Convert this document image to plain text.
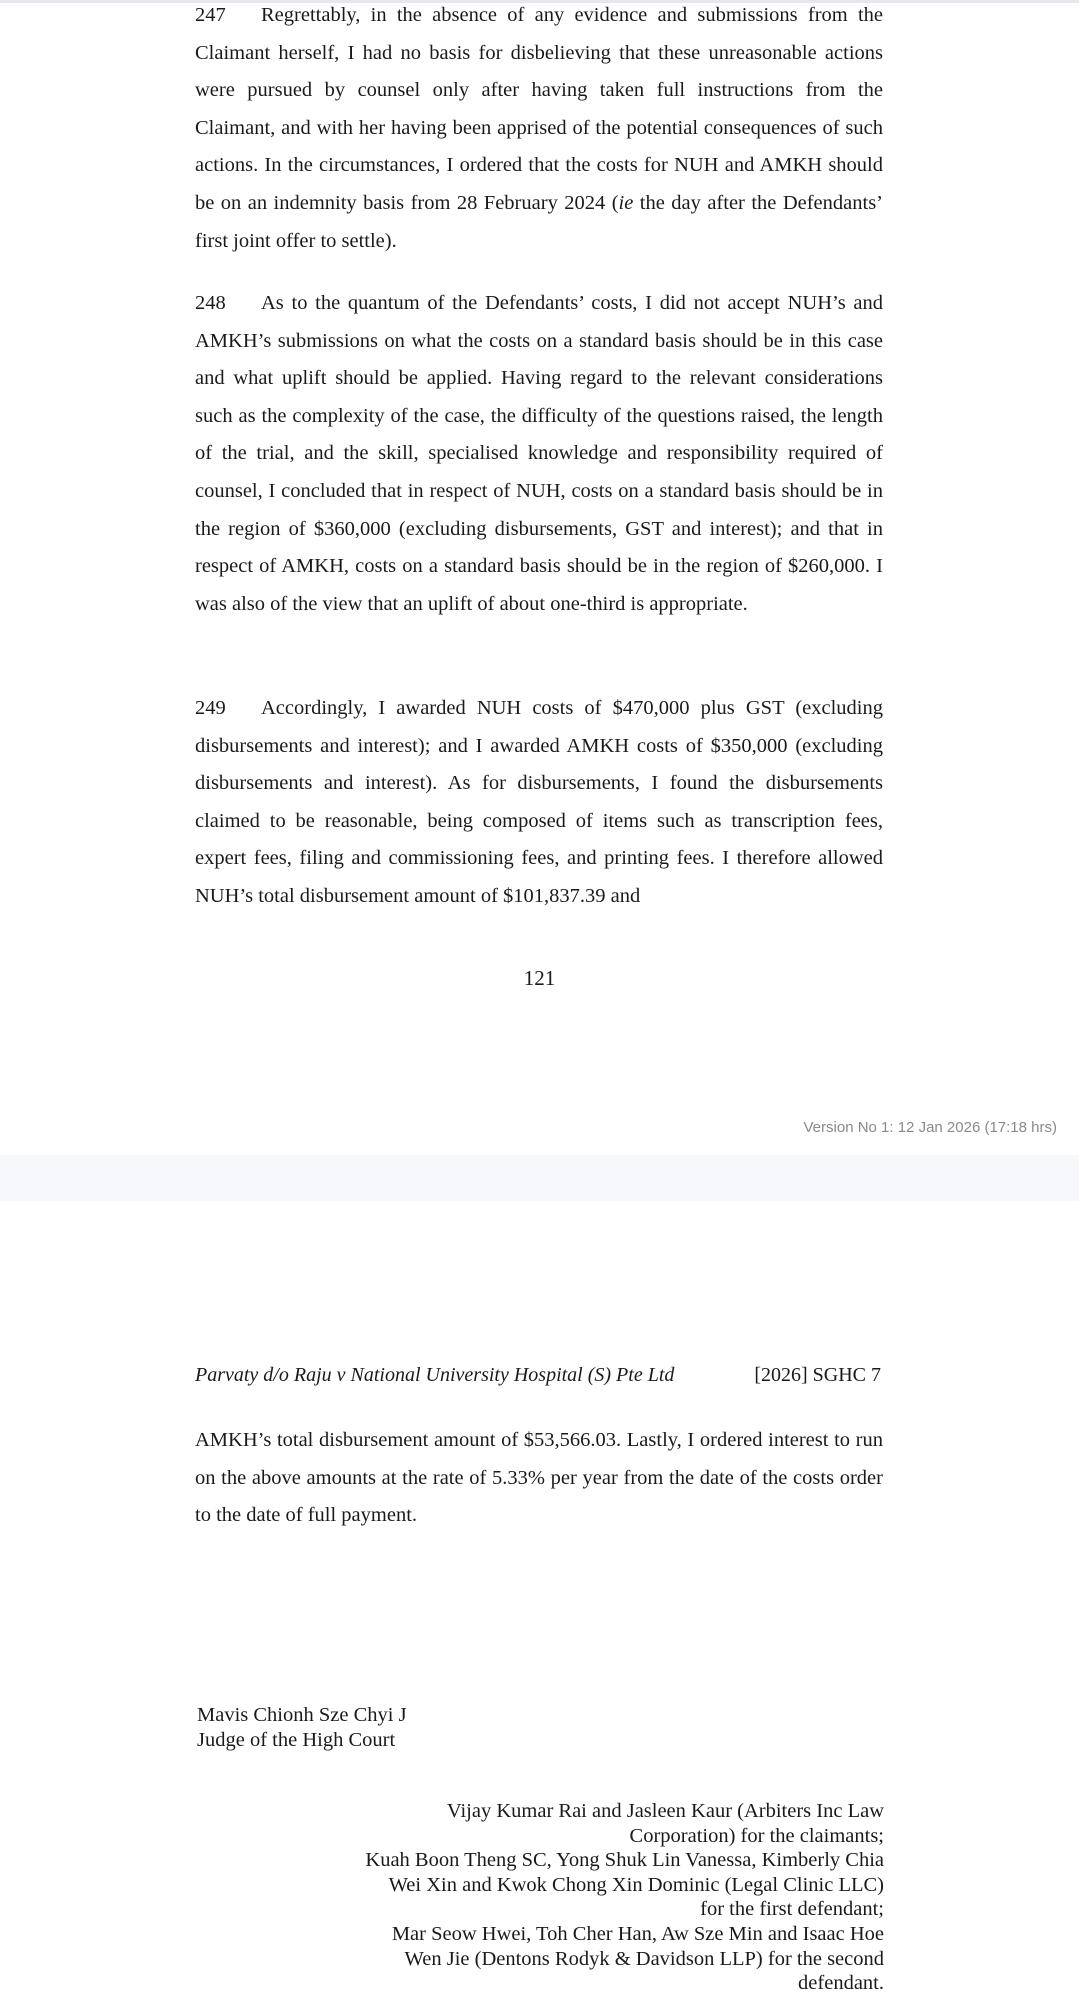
247 Regrettably, in the absence of any evidence and submissions from the Claimant herself, I had no basis for disbelieving that these unreasonable actions were pursued by counsel only after having taken full instructions from the Claimant, and with her having been apprised of the potential consequences of such actions. In the circumstances, I ordered that the costs for NUH and AMKH should be on an indemnity basis from 28 February 2024 (ie the day after the Defendants’ first joint offer to settle).

248 As to the quantum of the Defendants’ costs, I did not accept NUH’s and AMKH’s submissions on what the costs on a standard basis should be in this case and what uplift should be applied. Having regard to the relevant considerations such as the complexity of the case, the difficulty of the questions raised, the length of the trial, and the skill, specialised knowledge and responsibility required of counsel, I concluded that in respect of NUH, costs on a standard basis should be in the region of $360,000 (excluding disbursements, GST and interest); and that in respect of AMKH, costs on a standard basis should be in the region of $260,000. I was also of the view that an uplift of about one-third is appropriate.

249 Accordingly, I awarded NUH costs of $470,000 plus GST (excluding disbursements and interest); and I awarded AMKH costs of $350,000 (excluding disbursements and interest). As for disbursements, I found the disbursements claimed to be reasonable, being composed of items such as transcription fees, expert fees, filing and commissioning fees, and printing fees. I therefore allowed NUH’s total disbursement amount of $101,837.39 and

121
Version No 1: 12 Jan 2026 (17:18 hrs)
Parvaty d/o Raju v National University Hospital (S) Pte Ltd	[2026] SGHC 7

AMKH’s total disbursement amount of $53,566.03. Lastly, I ordered interest to run on the above amounts at the rate of 5.33% per year from the date of the costs order to the date of full payment.

Mavis Chionh Sze Chyi J
Judge of the High Court
Vijay Kumar Rai and Jasleen Kaur (Arbiters Inc Law
Corporation) for the claimants;
Kuah Boon Theng SC, Yong Shuk Lin Vanessa, Kimberly Chia
Wei Xin and Kwok Chong Xin Dominic (Legal Clinic LLC)
for the first defendant;
Mar Seow Hwei, Toh Cher Han, Aw Sze Min and Isaac Hoe
Wen Jie (Dentons Rodyk & Davidson LLP) for the second
defendant.
